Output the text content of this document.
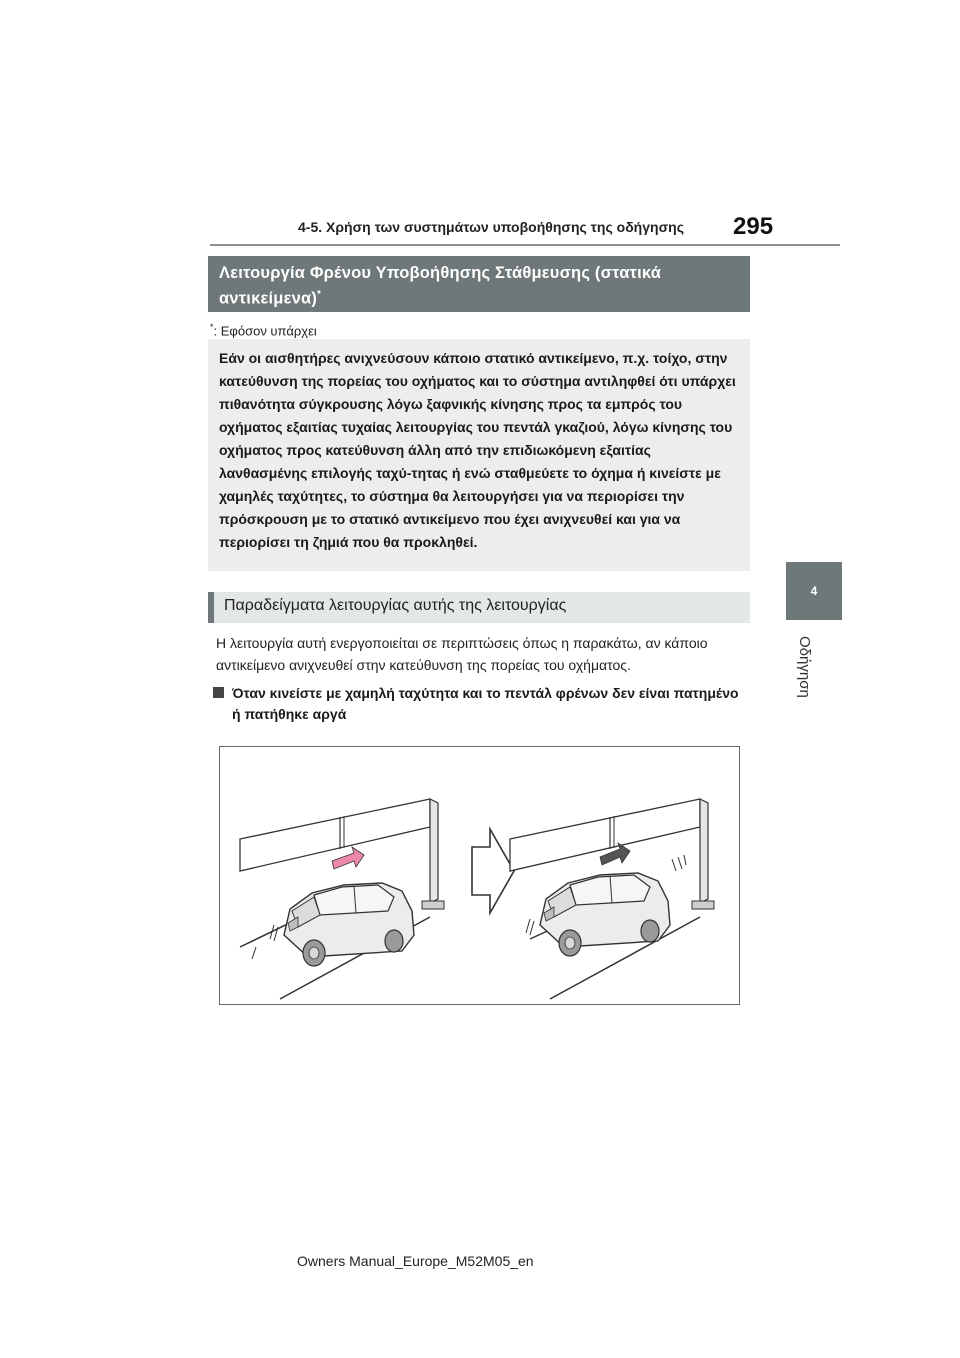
4-5. Χρήση των συστημάτων υποβοήθησης της οδήγησης 295
4
Οδήγηση
Λειτουργία Φρένου Υποβοήθησης Στάθμευσης (στατικά αντικείμενα)*
*: Εφόσον υπάρχει
Εάν οι αισθητήρες ανιχνεύσουν κάποιο στατικό αντικείμενο, π.χ. τοίχο, στην κατεύθυνση της πορείας του οχήματος και το σύστημα αντιληφθεί ότι υπάρχει πιθανότητα σύγκρουσης λόγω ξαφνικής κίνησης προς τα εμπρός του οχήματος εξαιτίας τυχαίας λειτουργίας του πεντάλ γκαζιού, λόγω κίνησης του οχήματος προς κατεύθυνση άλλη από την επιδιωκόμενη εξαιτίας λανθασμένης επιλογής ταχύ-τητας ή ενώ σταθμεύετε το όχημα ή κινείστε με χαμηλές ταχύτητες, το σύστημα θα λειτουργήσει για να περιορίσει την πρόσκρουση με το στατικό αντικείμενο που έχει ανιχνευθεί και για να περιορίσει τη ζημιά που θα προκληθεί.
Παραδείγματα λειτουργίας αυτής της λειτουργίας
Η λειτουργία αυτή ενεργοποιείται σε περιπτώσεις όπως η παρακάτω, αν κάποιο αντικείμενο ανιχνευθεί στην κατεύθυνση της πορείας του οχήματος.
Όταν κινείστε με χαμηλή ταχύτητα και το πεντάλ φρένων δεν είναι πατημένο ή πατήθηκε αργά
Owners Manual_Europe_M52M05_en
